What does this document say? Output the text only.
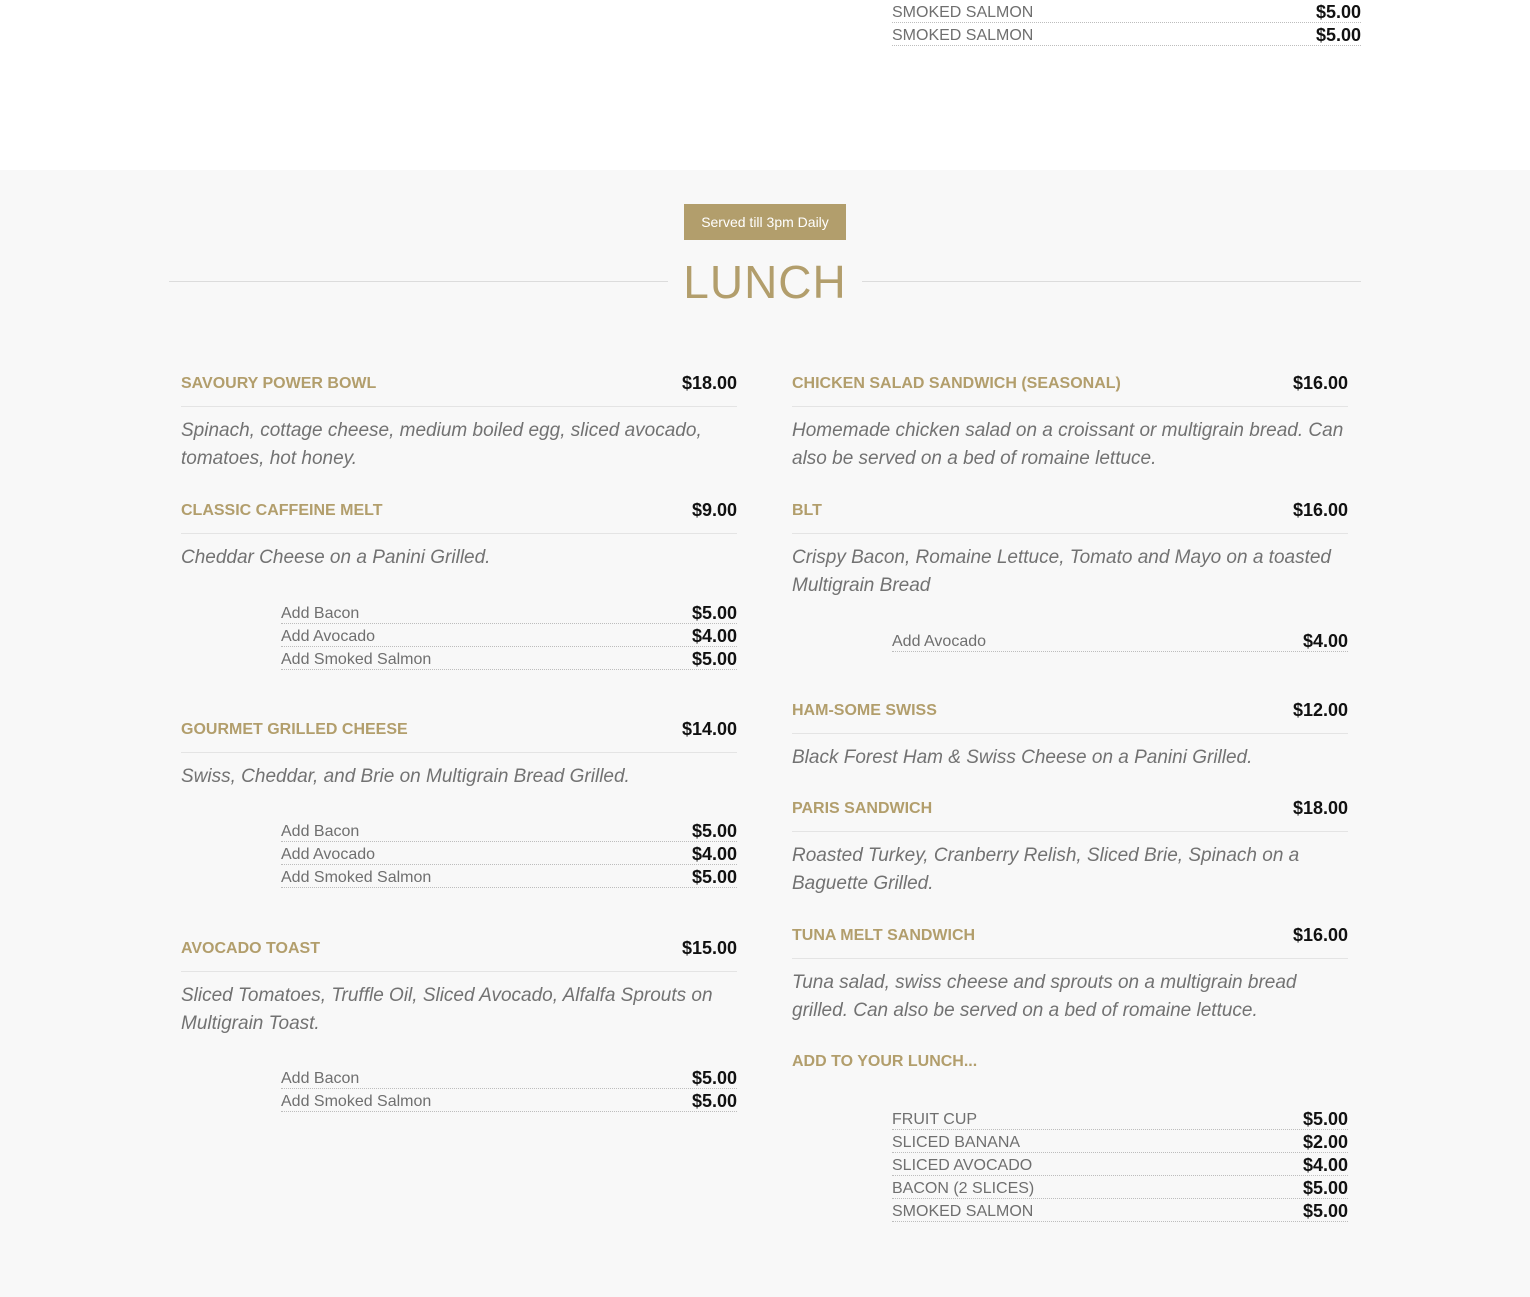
SMOKED SALMON	$5.00
SMOKED SALMON	$5.00
Served till 3pm Daily
LUNCH
SAVOURY POWER BOWL	$18.00
Spinach, cottage cheese, medium boiled egg, sliced avocado, tomatoes, hot honey.
CLASSIC CAFFEINE MELT	$9.00
Cheddar Cheese on a Panini Grilled.
Add Bacon	$5.00
Add Avocado	$4.00
Add Smoked Salmon	$5.00
GOURMET GRILLED CHEESE	$14.00
Swiss, Cheddar, and Brie on Multigrain Bread Grilled.
Add Bacon	$5.00
Add Avocado	$4.00
Add Smoked Salmon	$5.00
AVOCADO TOAST	$15.00
Sliced Tomatoes, Truffle Oil, Sliced Avocado, Alfalfa Sprouts on Multigrain Toast.
Add Bacon	$5.00
Add Smoked Salmon	$5.00
CHICKEN SALAD SANDWICH (SEASONAL)	$16.00
Homemade chicken salad on a croissant or multigrain bread. Can also be served on a bed of romaine lettuce.
BLT	$16.00
Crispy Bacon, Romaine Lettuce, Tomato and Mayo on a toasted Multigrain Bread
Add Avocado	$4.00
HAM-SOME SWISS	$12.00
Black Forest Ham & Swiss Cheese on a Panini Grilled.
PARIS SANDWICH	$18.00
Roasted Turkey, Cranberry Relish, Sliced Brie, Spinach on a Baguette Grilled.
TUNA MELT SANDWICH	$16.00
Tuna salad, swiss cheese and sprouts on a multigrain bread grilled. Can also be served on a bed of romaine lettuce.
ADD TO YOUR LUNCH...
FRUIT CUP	$5.00
SLICED BANANA	$2.00
SLICED AVOCADO	$4.00
BACON (2 SLICES)	$5.00
SMOKED SALMON	$5.00
